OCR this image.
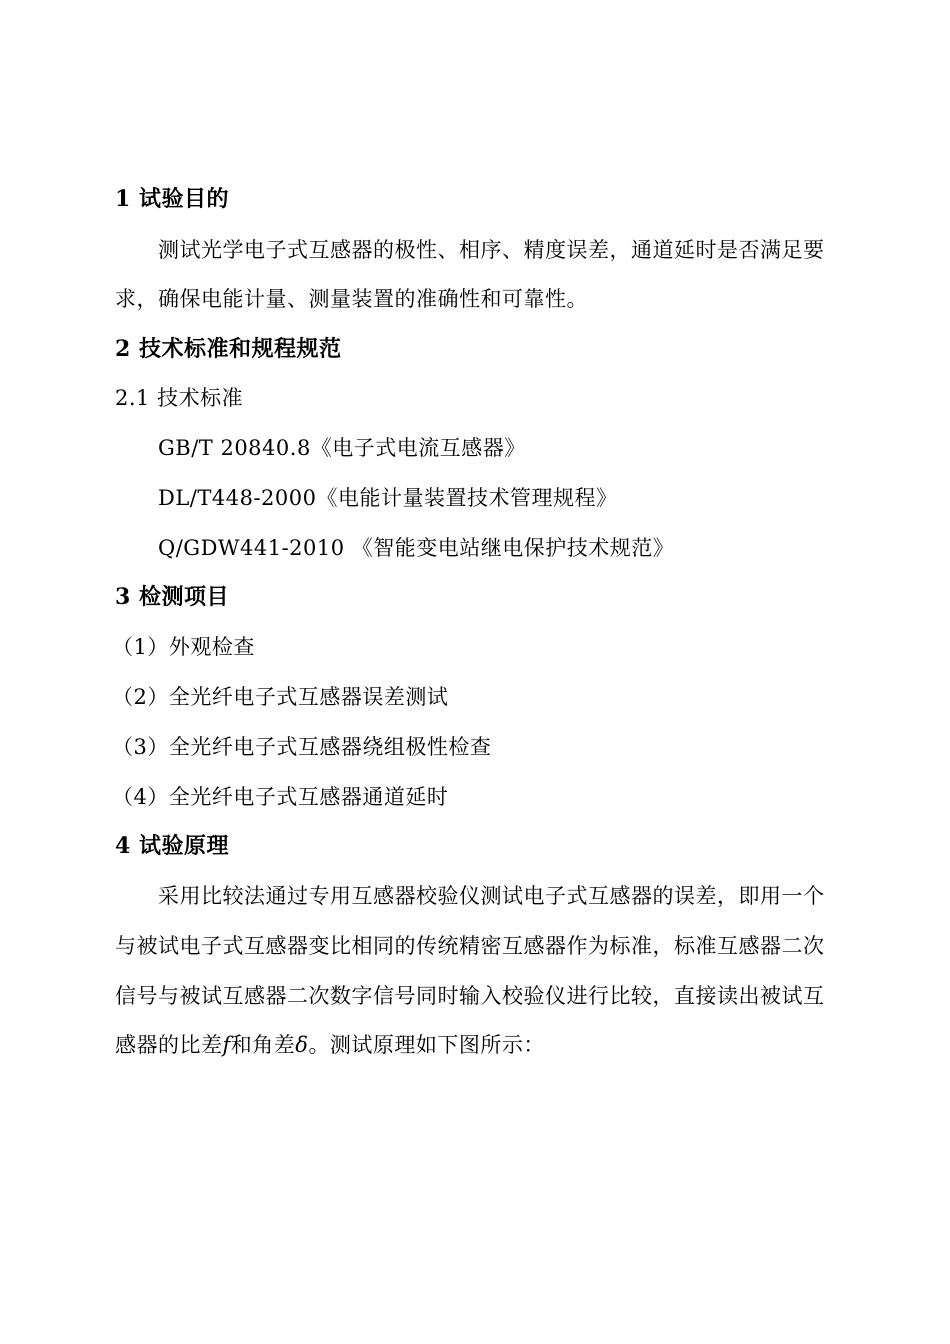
1 试验目的
测试光学电子式互感器的极性、相序、精度误差，通道延时是否满足要
求，确保电能计量、测量装置的准确性和可靠性。
2 技术标准和规程规范
2.1 技术标准
GB/T 20840.8《电子式电流互感器》
DL/T448-2000《电能计量装置技术管理规程》
Q/GDW441-2010 《智能变电站继电保护技术规范》
3 检测项目
（1）外观检查
（2）全光纤电子式互感器误差测试
（3）全光纤电子式互感器绕组极性检查
（4）全光纤电子式互感器通道延时
4 试验原理
采用比较法通过专用互感器校验仪测试电子式互感器的误差，即用一个
与被试电子式互感器变比相同的传统精密互感器作为标准，标准互感器二次
信号与被试互感器二次数字信号同时输入校验仪进行比较，直接读出被试互
感器的比差f和角差δ。测试原理如下图所示：
